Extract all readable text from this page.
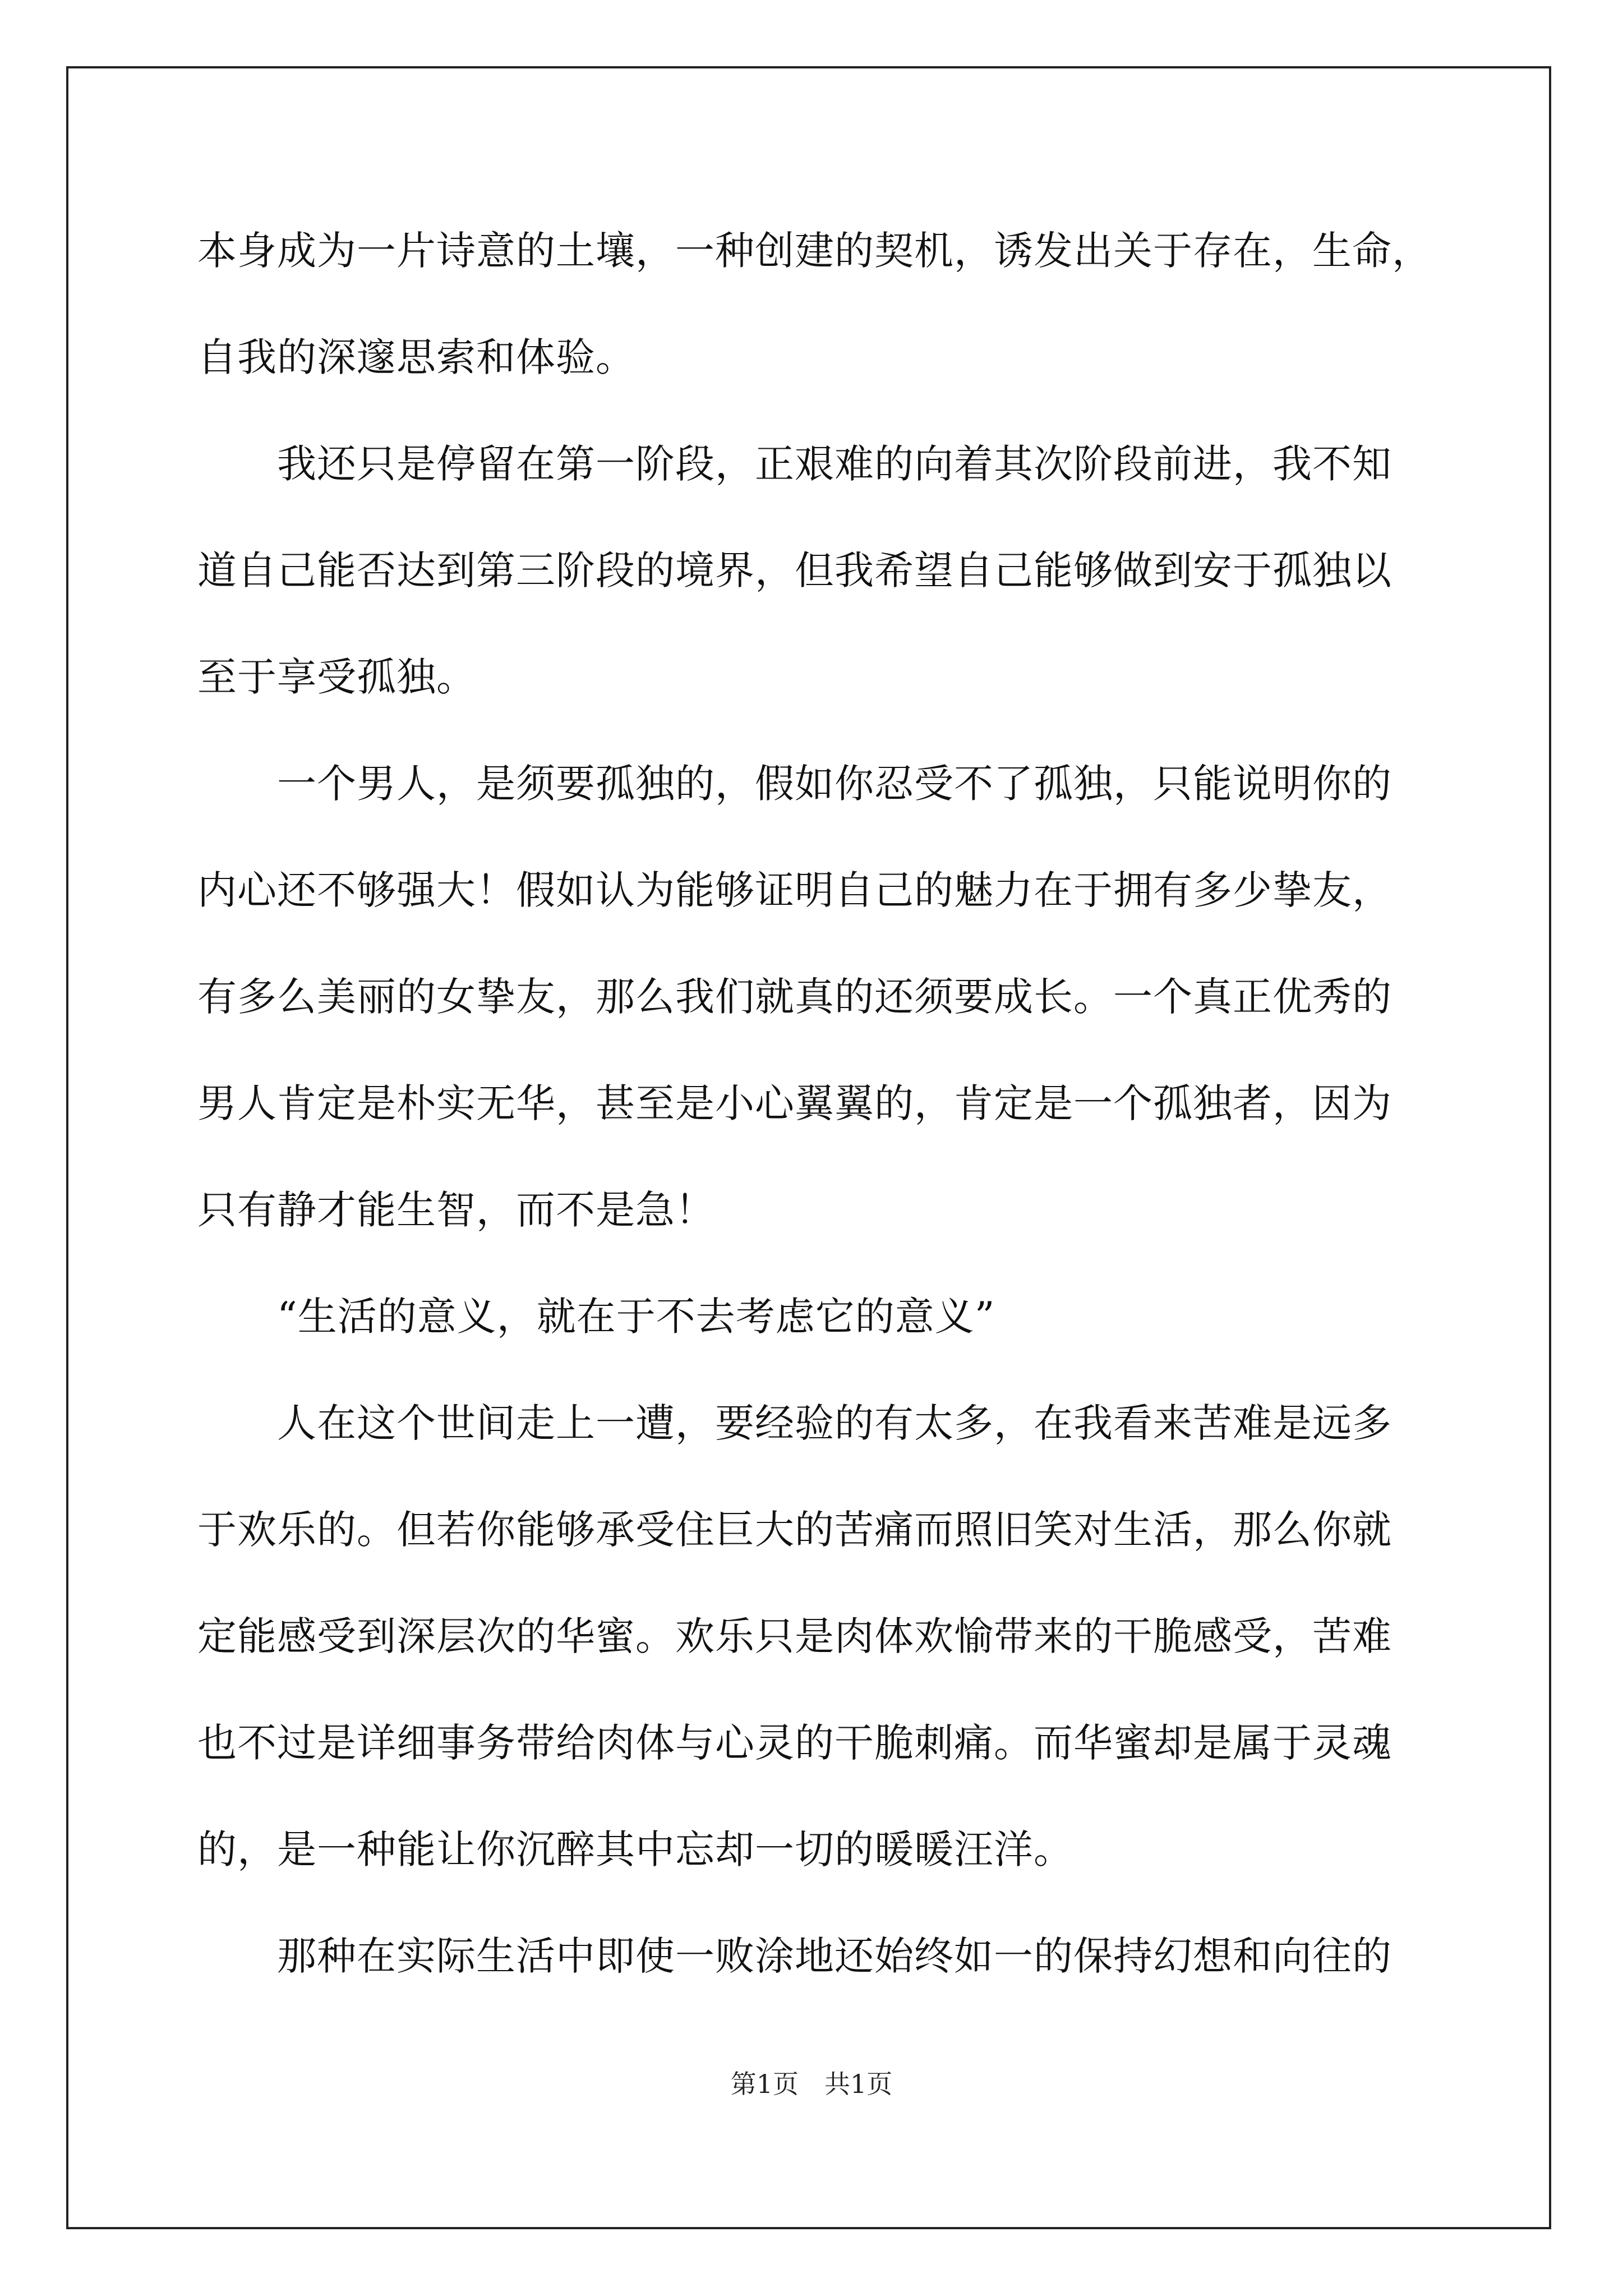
本身成为一片诗意的土壤，一种创建的契机，诱发出关于存在，生命，
自我的深邃思索和体验。
　　我还只是停留在第一阶段，正艰难的向着其次阶段前进，我不知
道自己能否达到第三阶段的境界，但我希望自己能够做到安于孤独以
至于享受孤独。
　　一个男人，是须要孤独的，假如你忍受不了孤独，只能说明你的
内心还不够强大！假如认为能够证明自己的魅力在于拥有多少挚友，
有多么美丽的女挚友，那么我们就真的还须要成长。一个真正优秀的
男人肯定是朴实无华，甚至是小心翼翼的，肯定是一个孤独者，因为
只有静才能生智，而不是急！
　　“生活的意义，就在于不去考虑它的意义”
　　人在这个世间走上一遭，要经验的有太多，在我看来苦难是远多
于欢乐的。但若你能够承受住巨大的苦痛而照旧笑对生活，那么你就
定能感受到深层次的华蜜。欢乐只是肉体欢愉带来的干脆感受，苦难
也不过是详细事务带给肉体与心灵的干脆刺痛。而华蜜却是属于灵魂
的，是一种能让你沉醉其中忘却一切的暖暖汪洋。
　　那种在实际生活中即使一败涂地还始终如一的保持幻想和向往的
第1页　共1页
